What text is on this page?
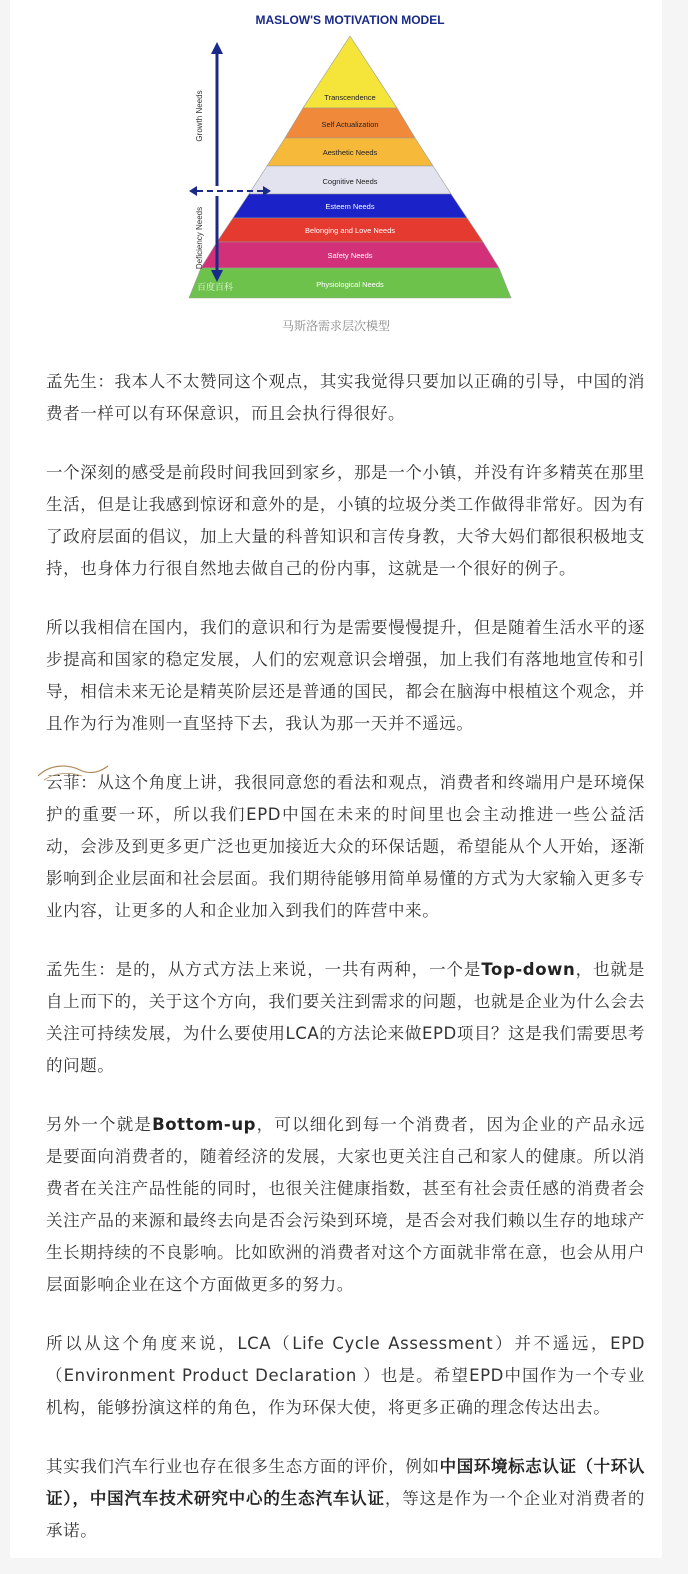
MASLOW'S MOTIVATION MODEL
Transcendence
Self Actualization
Aesthetic Needs
Cognitive Needs
Esteem Needs
Belonging and Love Needs
Safety Needs
Physiological Needs
Growth Needs
Deficiency Needs
百度百科
马斯洛需求层次模型

孟先生：我本人不太赞同这个观点，其实我觉得只要加以正确的引导，中国的消费者一样可以有环保意识，而且会执行得很好。

一个深刻的感受是前段时间我回到家乡，那是一个小镇，并没有许多精英在那里生活，但是让我感到惊讶和意外的是，小镇的垃圾分类工作做得非常好。因为有了政府层面的倡议，加上大量的科普知识和言传身教，大爷大妈们都很积极地支持，也身体力行很自然地去做自己的份内事，这就是一个很好的例子。

所以我相信在国内，我们的意识和行为是需要慢慢提升，但是随着生活水平的逐步提高和国家的稳定发展，人们的宏观意识会增强，加上我们有落地地宣传和引导，相信未来无论是精英阶层还是普通的国民，都会在脑海中根植这个观念，并且作为行为准则一直坚持下去，我认为那一天并不遥远。

云菲：从这个角度上讲，我很同意您的看法和观点，消费者和终端用户是环境保护的重要一环，所以我们EPD中国在未来的时间里也会主动推进一些公益活动，会涉及到更多更广泛也更加接近大众的环保话题，希望能从个人开始，逐渐影响到企业层面和社会层面。我们期待能够用简单易懂的方式为大家输入更多专业内容，让更多的人和企业加入到我们的阵营中来。

孟先生：是的，从方式方法上来说，一共有两种，一个是Top-down，也就是自上而下的，关于这个方向，我们要关注到需求的问题，也就是企业为什么会去关注可持续发展，为什么要使用LCA的方法论来做EPD项目？这是我们需要思考的问题。

另外一个就是Bottom-up，可以细化到每一个消费者，因为企业的产品永远是要面向消费者的，随着经济的发展，大家也更关注自己和家人的健康。所以消费者在关注产品性能的同时，也很关注健康指数，甚至有社会责任感的消费者会关注产品的来源和最终去向是否会污染到环境，是否会对我们赖以生存的地球产生长期持续的不良影响。比如欧洲的消费者对这个方面就非常在意，也会从用户层面影响企业在这个方面做更多的努力。

所以从这个角度来说，LCA（Life Cycle Assessment）并不遥远，EPD（Environment Product Declaration ）也是。希望EPD中国作为一个专业机构，能够扮演这样的角色，作为环保大使，将更多正确的理念传达出去。

其实我们汽车行业也存在很多生态方面的评价，例如中国环境标志认证（十环认证），中国汽车技术研究中心的生态汽车认证，等这是作为一个企业对消费者的承诺。
